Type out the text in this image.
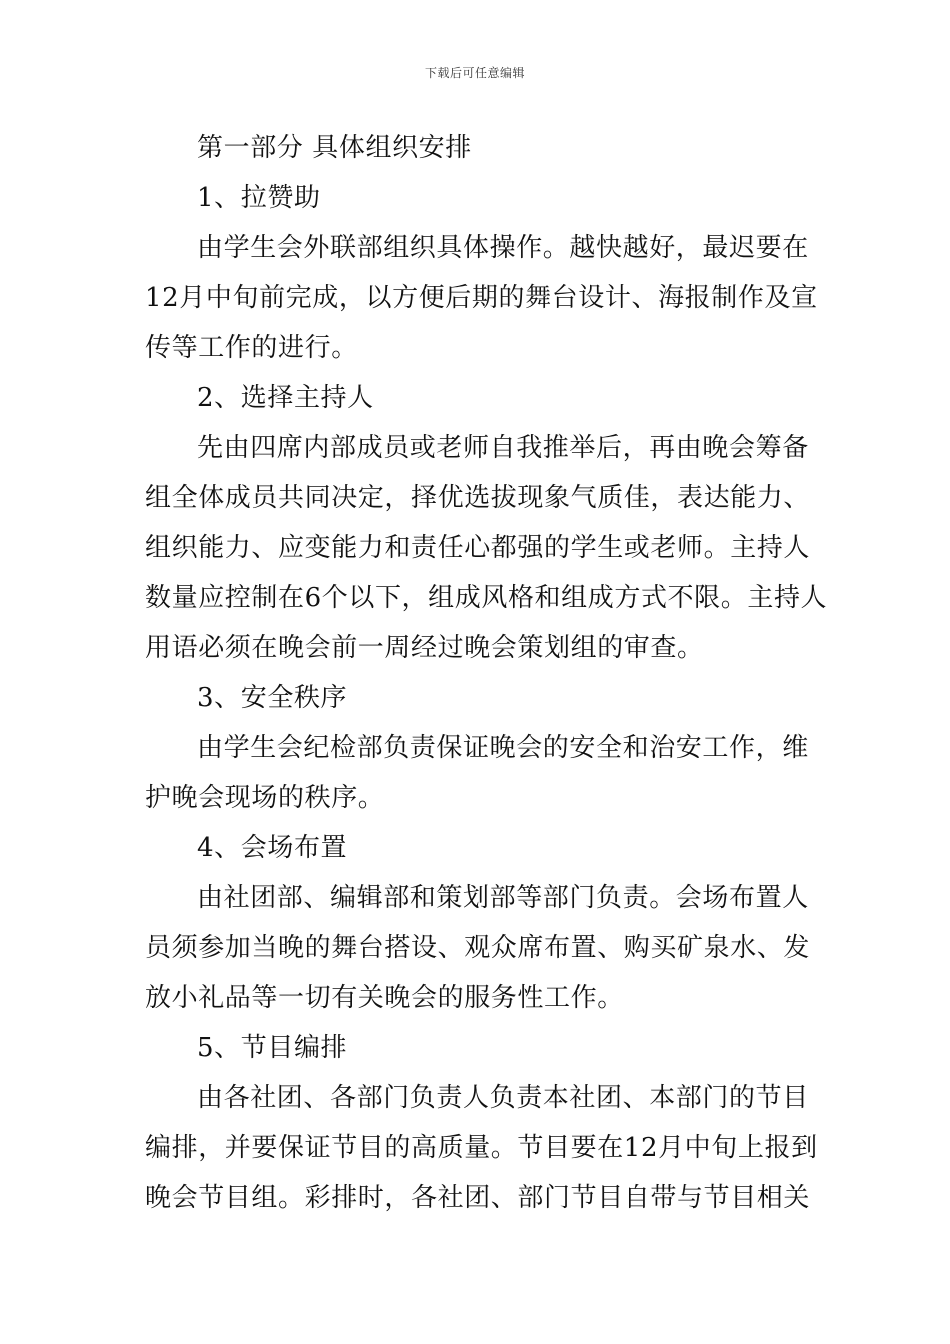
下载后可任意编辑
第一部分 具体组织安排
1、拉赞助
由学生会外联部组织具体操作。越快越好，最迟要在
12月中旬前完成，以方便后期的舞台设计、海报制作及宣
传等工作的进行。
2、选择主持人
先由四席内部成员或老师自我推举后，再由晚会筹备
组全体成员共同决定，择优选拔现象气质佳，表达能力、
组织能力、应变能力和责任心都强的学生或老师。主持人
数量应控制在6个以下，组成风格和组成方式不限。主持人
用语必须在晚会前一周经过晚会策划组的审查。
3、安全秩序
由学生会纪检部负责保证晚会的安全和治安工作，维
护晚会现场的秩序。
4、会场布置
由社团部、编辑部和策划部等部门负责。会场布置人
员须参加当晚的舞台搭设、观众席布置、购买矿泉水、发
放小礼品等一切有关晚会的服务性工作。
5、节目编排
由各社团、各部门负责人负责本社团、本部门的节目
编排，并要保证节目的高质量。节目要在12月中旬上报到
晚会节目组。彩排时，各社团、部门节目自带与节目相关
